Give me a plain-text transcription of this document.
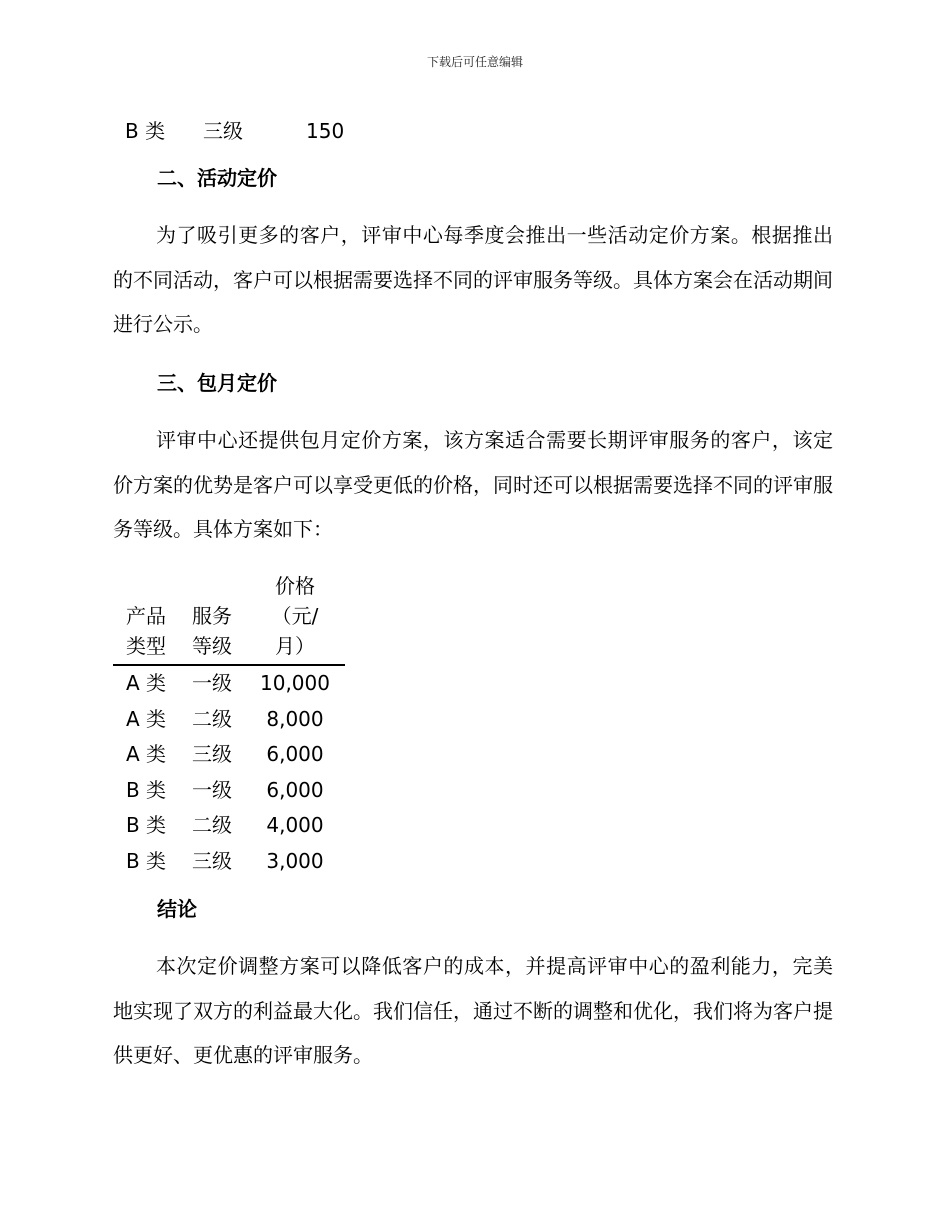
下载后可任意编辑
B 类 三级	150
二、活动定价

为了吸引更多的客户，评审中心每季度会推出一些活动定价方案。根据推出的不同活动，客户可以根据需要选择不同的评审服务等级。具体方案会在活动期间进行公示。

三、包月定价

评审中心还提供包月定价方案，该方案适合需要长期评审服务的客户，该定价方案的优势是客户可以享受更低的价格，同时还可以根据需要选择不同的评审服务等级。具体方案如下：

产品类型	服务等级	价格（元/月）
A 类	一级	10,000
A 类	二级	8,000
A 类	三级	6,000
B 类	一级	6,000
B 类	二级	4,000
B 类	三级	3,000
结论

本次定价调整方案可以降低客户的成本，并提高评审中心的盈利能力，完美地实现了双方的利益最大化。我们信任，通过不断的调整和优化，我们将为客户提供更好、更优惠的评审服务。
